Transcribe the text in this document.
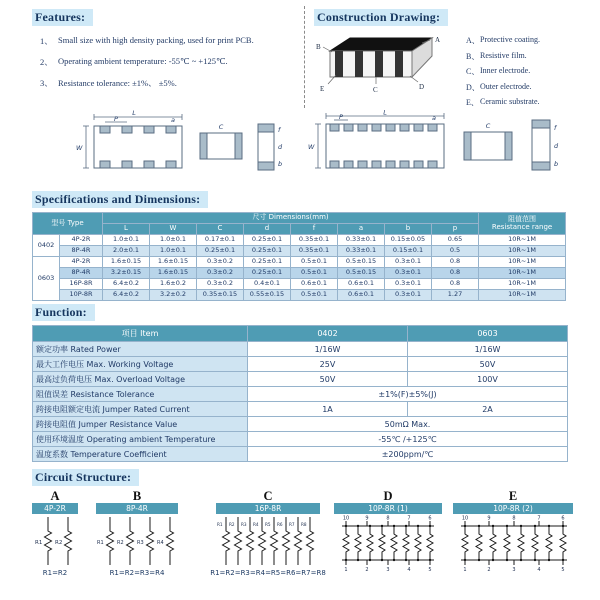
Features:
1、 Small size with high density packing, used for print PCB.
2、 Operating ambient temperature: -55℃ ~ +125℃.
3、 Resistance tolerance: ±1%、 ±5%.
Construction Drawing:
A
B
C	D
E
A、 Protective coating.
B、 Resistive film.
C、 Inner electrode.
D、 Outer electrode.
E、 Ceramic substrate.
L
P	a
W
C	f
d
b
L
P	a
W
C	f
d
b
Specifications and Dimensions:
型号 Type		尺寸 Dimensions(mm)								阻值范围
Resistance range

		L	W	C	d	f	a	b	p	
0402	4P-2R	1.0±0.1	1.0±0.1	0.17±0.1	0.25±0.1	0.35±0.1	0.33±0.1	0.15±0.05	0.65	10R~1M
	8P-4R	2.0±0.1	1.0±0.1	0.25±0.1	0.25±0.1	0.35±0.1	0.33±0.1	0.15±0.1	0.5	10R~1M
0603	4P-2R	1.6±0.15	1.6±0.15	0.3±0.2	0.25±0.1	0.5±0.1	0.5±0.15	0.3±0.1	0.8	10R~1M
	8P-4R	3.2±0.15	1.6±0.15	0.3±0.2	0.25±0.1	0.5±0.1	0.5±0.15	0.3±0.1	0.8	10R~1M
	16P-8R	6.4±0.2	1.6±0.2	0.3±0.2	0.4±0.1	0.6±0.1	0.6±0.1	0.3±0.1	0.8	10R~1M
	10P-8R	6.4±0.2	3.2±0.2	0.35±0.15	0.55±0.15	0.5±0.1	0.6±0.1	0.3±0.1	1.27	10R~1M
Function:
项目 Item	0402	0603
额定功率 Rated Power	1/16W	1/16W
最大工作电压 Max. Working Voltage	25V	50V
最高过负荷电压 Max. Overload Voltage	50V	100V
阻值误差 Resistance Tolerance	±1%(F)±5%(J)	
跨接电阻额定电流 Jumper Rated Current	1A	2A
跨接电阻值 Jumper Resistance Value	50mΩ Max.	
使用环境温度 Operating ambient Temperature	-55℃ /+125℃	
温度系数 Temperature Coefficient	±200ppm/℃	
Circuit Structure:
A
4P-2R
R1 R2
R1=R2
B
8P-4R
R1	R2	R3	R4
R1=R2=R3=R4
C
16P-8R
R1 R2 R3 R4 R5 R6 R7 R8
R1=R2=R3=R4=R5=R6=R7=R8
D
10P-8R (1)
10	9	8	7	6
1	2	3	4	5
E
10P-8R (2)
10	9	8	7	6
1	2	3	4	5
